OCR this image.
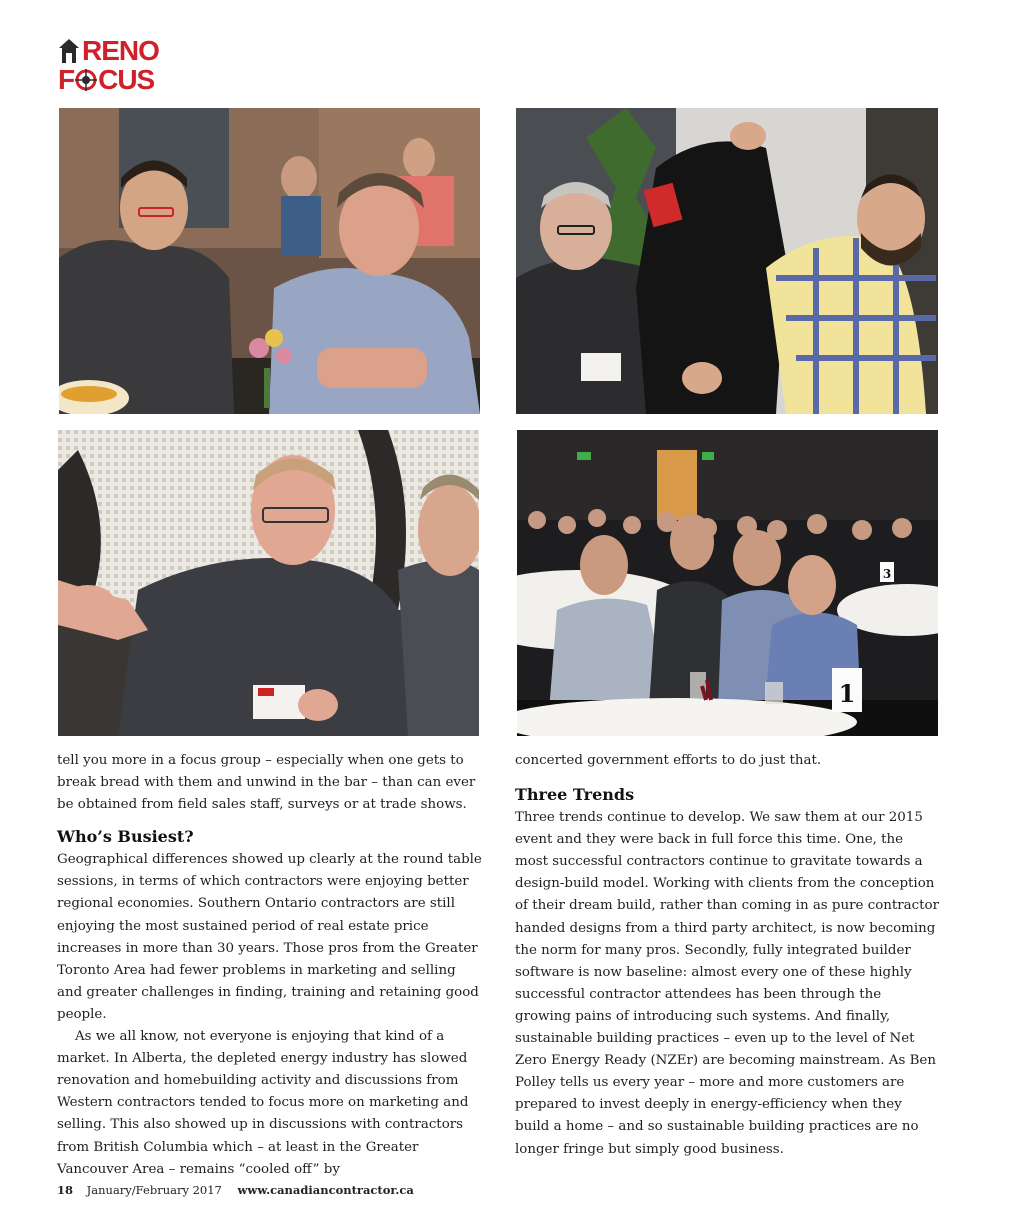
RENO
F CUS
1
3

tell you more in a focus group – especially when one gets to break bread with them and unwind in the bar – than can ever be obtained from field sales staff, surveys or at trade shows.

Who’s Busiest?

Geographical differences showed up clearly at the round table sessions, in terms of which contractors were enjoying better regional economies. Southern Ontario contractors are still enjoying the most sustained period of real estate price increases in more than 30 years. Those pros from the Greater Toronto Area had fewer problems in marketing and selling and greater challenges in finding, training and retaining good people.

As we all know, not everyone is enjoying that kind of a market. In Alberta, the depleted energy industry has slowed renovation and homebuilding activity and discussions from Western contractors tended to focus more on marketing and selling. This also showed up in discussions with contractors from British Columbia which – at least in the Greater Vancouver Area – remains “cooled off” by

concerted government efforts to do just that.

Three Trends

Three trends continue to develop. We saw them at our 2015 event and they were back in full force this time. One, the most successful contractors continue to gravitate towards a design-build model. Working with clients from the conception of their dream build, rather than coming in as pure contractor handed designs from a third party architect, is now becoming the norm for many pros. Secondly, fully integrated builder software is now baseline: almost every one of these highly successful contractor attendees has been through the growing pains of introducing such systems. And finally, sustainable building practices – even up to the level of Net Zero Energy Ready (NZEr) are becoming mainstream. As Ben Polley tells us every year – more and more customers are prepared to invest deeply in energy-efficiency when they build a home – and so sustainable building practices are no longer fringe but simply good business.

18 January/February 2017 www.canadiancontractor.ca
